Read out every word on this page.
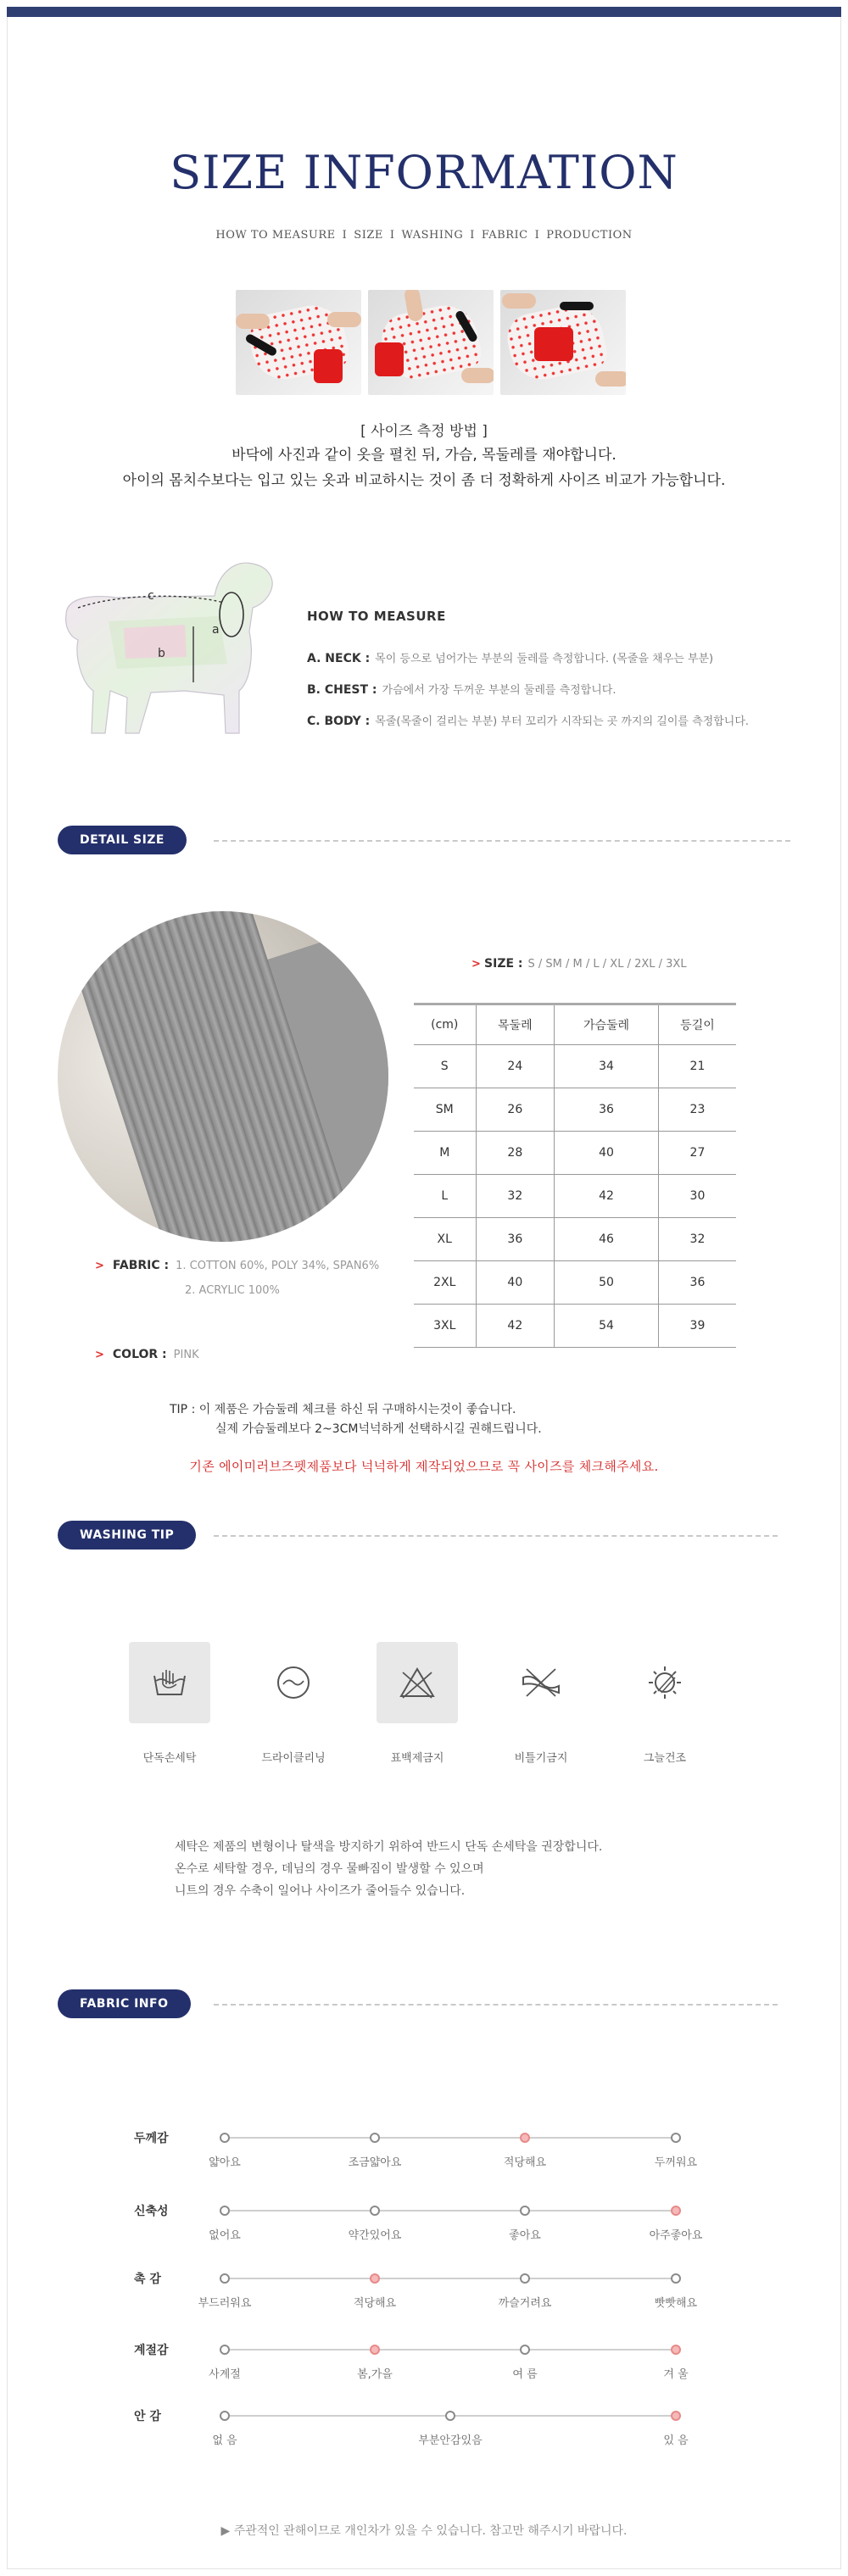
SIZE INFORMATION
HOW TO MEASURE I SIZE I WASHING I FABRIC I PRODUCTION
[ 사이즈 측정 방법 ]
바닥에 사진과 같이 옷을 펼친 뒤, 가슴, 목둘레를 재야합니다.
아이의 몸치수보다는 입고 있는 옷과 비교하시는 것이 좀 더 정확하게 사이즈 비교가 가능합니다.
c
a
b
HOW TO MEASURE
A. NECK : 목이 등으로 넘어가는 부분의 둘레를 측정합니다. (목줄을 채우는 부분)
B. CHEST : 가슴에서 가장 두꺼운 부분의 둘레를 측정합니다.
C. BODY : 목줄(목줄이 걸리는 부분) 부터 꼬리가 시작되는 곳 까지의 길이를 측정합니다.
DETAIL SIZE
> SIZE : S / SM / M / L / XL / 2XL / 3XL
(cm)	목둘레	가슴둘레	등길이
S	24	34	21
SM	26	36	23
M	28	40	27
L	32	42	30
XL	36	46	32
2XL	40	50	36
3XL	42	54	39
> FABRIC : 1. COTTON 60%, POLY 34%, SPAN6%
2. ACRYLIC 100%
> COLOR : PINK
TIP : 이 제품은 가슴둘레 체크를 하신 뒤 구매하시는것이 좋습니다.
실제 가슴둘레보다 2~3CM넉넉하게 선택하시길 권해드립니다.
기존 에이미러브즈펫제품보다 넉넉하게 제작되었으므로 꼭 사이즈를 체크해주세요.
WASHING TIP
단독손세탁	드라이클리닝	표백제금지	비틀기금지	그늘건조
세탁은 제품의 변형이나 탈색을 방지하기 위하여 반드시 단독 손세탁을 권장합니다.
온수로 세탁할 경우, 데님의 경우 물빠짐이 발생할 수 있으며
니트의 경우 수축이 일어나 사이즈가 줄어들수 있습니다.
FABRIC INFO
두께감
얇아요	조금얇아요	적당해요	두꺼워요
신축성
없어요	약간있어요	좋아요	아주좋아요
촉 감
부드러워요	적당해요	까슬거려요	빳빳해요
계절감
사계절	봄,가을	여 름	겨 울
안 감
없 음	부분안감있음	있 음
▶ 주관적인 관해이므로 개인차가 있을 수 있습니다. 참고만 해주시기 바랍니다.
